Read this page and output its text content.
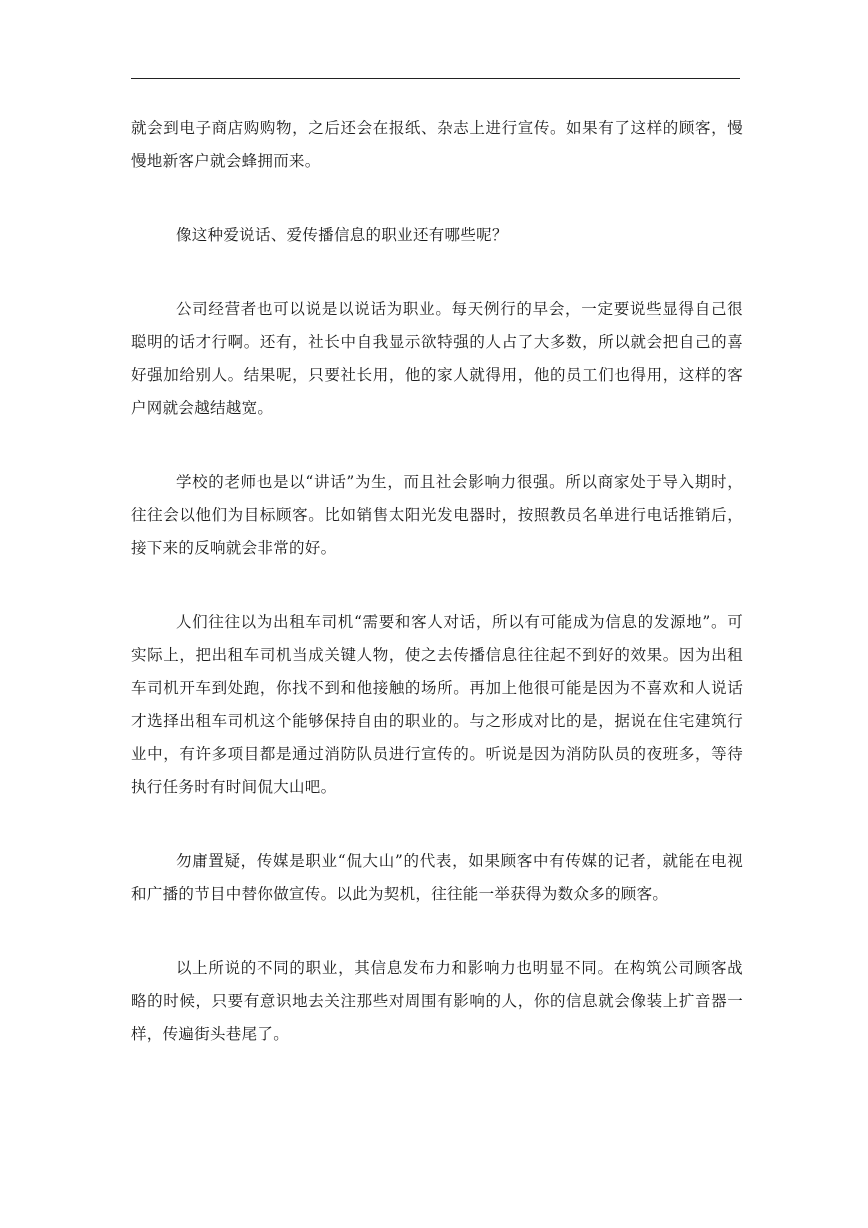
就会到电子商店购购物，之后还会在报纸、杂志上进行宣传。如果有了这样的顾客，慢慢地新客户就会蜂拥而来。

像这种爱说话、爱传播信息的职业还有哪些呢？

公司经营者也可以说是以说话为职业。每天例行的早会，一定要说些显得自己很聪明的话才行啊。还有，社长中自我显示欲特强的人占了大多数，所以就会把自己的喜好强加给别人。结果呢，只要社长用，他的家人就得用，他的员工们也得用，这样的客户网就会越结越宽。

学校的老师也是以“讲话”为生，而且社会影响力很强。所以商家处于导入期时，往往会以他们为目标顾客。比如销售太阳光发电器时，按照教员名单进行电话推销后，接下来的反响就会非常的好。

人们往往以为出租车司机“需要和客人对话，所以有可能成为信息的发源地”。可实际上，把出租车司机当成关键人物，使之去传播信息往往起不到好的效果。因为出租车司机开车到处跑，你找不到和他接触的场所。再加上他很可能是因为不喜欢和人说话才选择出租车司机这个能够保持自由的职业的。与之形成对比的是，据说在住宅建筑行业中，有许多项目都是通过消防队员进行宣传的。听说是因为消防队员的夜班多，等待执行任务时有时间侃大山吧。

勿庸置疑，传媒是职业“侃大山”的代表，如果顾客中有传媒的记者，就能在电视和广播的节目中替你做宣传。以此为契机，往往能一举获得为数众多的顾客。

以上所说的不同的职业，其信息发布力和影响力也明显不同。在构筑公司顾客战略的时候，只要有意识地去关注那些对周围有影响的人，你的信息就会像装上扩音器一样，传遍街头巷尾了。
